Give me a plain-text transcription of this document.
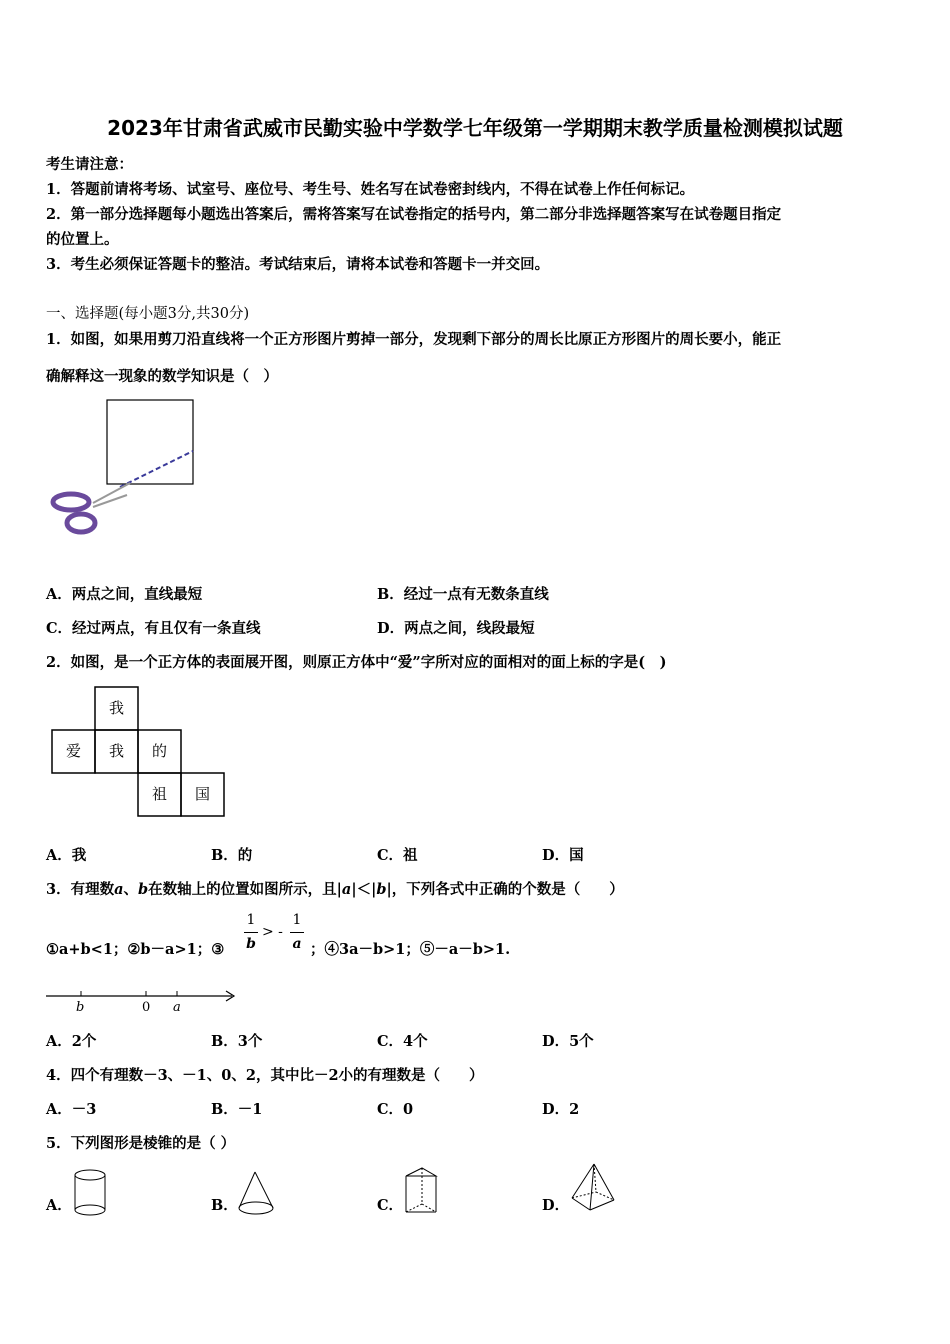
2023年甘肃省武威市民勤实验中学数学七年级第一学期期末教学质量检测模拟试题
考生请注意：
1．答题前请将考场、试室号、座位号、考生号、姓名写在试卷密封线内，不得在试卷上作任何标记。
2．第一部分选择题每小题选出答案后，需将答案写在试卷指定的括号内，第二部分非选择题答案写在试卷题目指定
的位置上。
3．考生必须保证答题卡的整洁。考试结束后，请将本试卷和答题卡一并交回。
一、选择题(每小题3分,共30分)
1．如图，如果用剪刀沿直线将一个正方形图片剪掉一部分，发现剩下部分的周长比原正方形图片的周长要小，能正
确解释这一现象的数学知识是（　）
A．两点之间，直线最短	B．经过一点有无数条直线
C．经过两点，有且仅有一条直线	D．两点之间，线段最短
2．如图，是一个正方体的表面展开图，则原正方体中“爱”字所对应的面相对的面上标的字是(　)
我
爱	我	的
祖	国
A．我	B．的	C．祖	D．国
3．有理数a、b在数轴上的位置如图所示，且|a|＜|b|，下列各式中正确的个数是（　　）
①a+b<1；②b－a>1；③
1
b
> -
1
a ；④3a－b>1；⑤－a－b>1.
b	0 a
A．2个	B．3个	C．4个	D．5个
4．四个有理数－3、－1、0、2，其中比－2小的有理数是（　　）
A．－3	B．－1	C．0	D．2
5．下列图形是棱锥的是（ ）
A．	B．	C．	D．
